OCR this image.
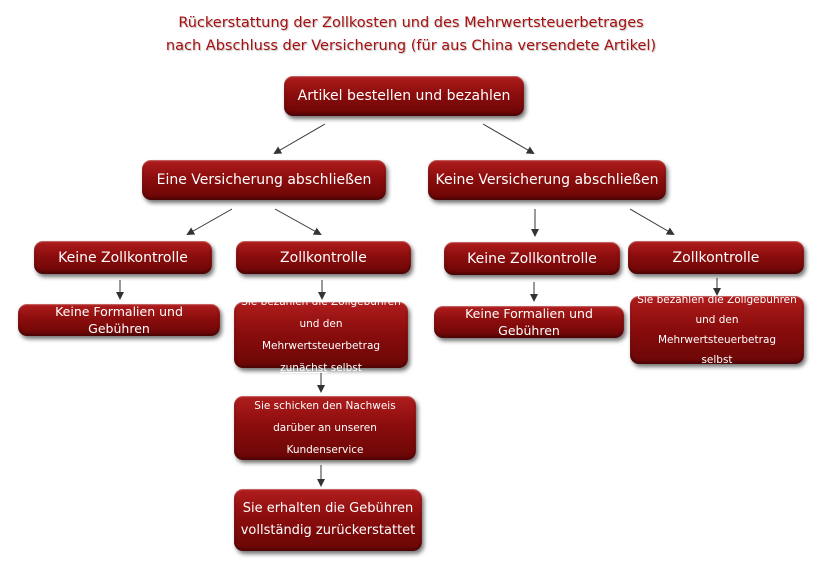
Rückerstattung der Zollkosten und des Mehrwertsteuerbetrages
nach Abschluss der Versicherung (für aus China versendete Artikel)
Artikel bestellen und bezahlen
Eine Versicherung abschließen	Keine Versicherung abschließen
Keine Zollkontrolle	Zollkontrolle	Keine Zollkontrolle	Zollkontrolle
Keine Formalien und Gebühren
Sie bezahlen die Zollgebühren
und den Mehrwertsteuerbetrag
zunächst selbst
Keine Formalien und Gebühren
Sie bezahlen die Zollgebühren
und den Mehrwertsteuerbetrag
selbst
Sie schicken den Nachweis
darüber an unseren Kundenservice
Sie erhalten die Gebühren
vollständig zurückerstattet
